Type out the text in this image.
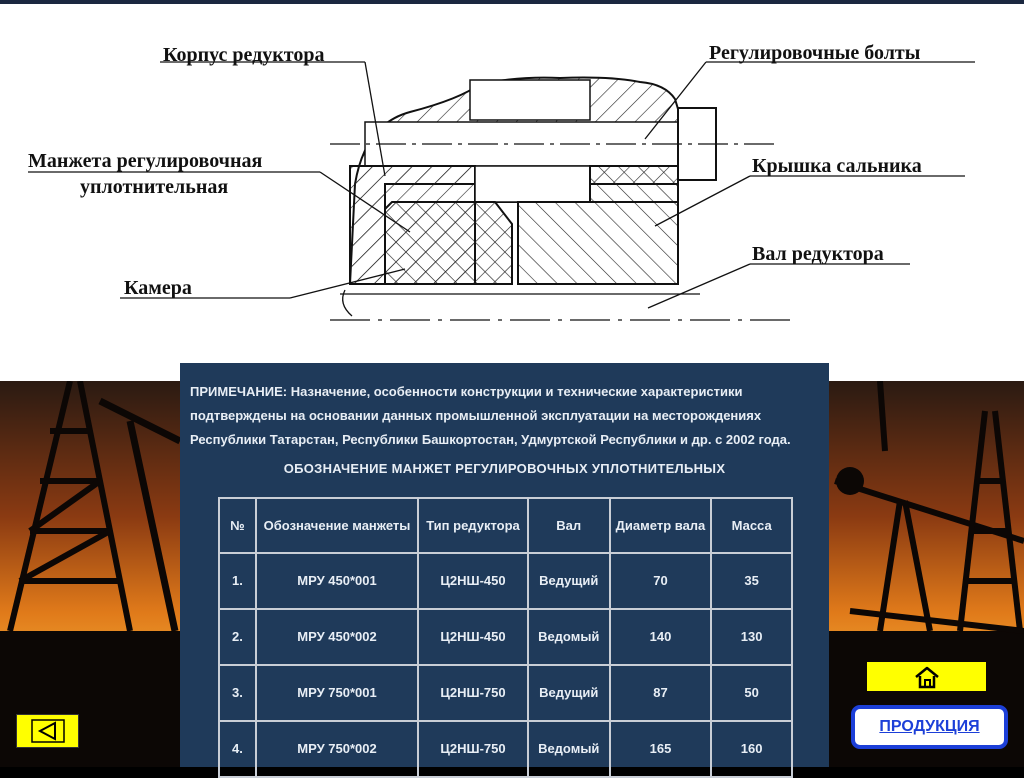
Корпус редуктора	Регулировочные болты
Манжета регулировочная
уплотнительная
Крышка сальника
Вал редуктора
Камера
ПРИМЕЧАНИЕ: Назначение, особенности конструкции и технические характеристики подтверждены на основании данных промышленной эксплуатации на месторождениях Республики Татарстан, Республики Башкортостан, Удмуртской Республики и др. с 2002 года.
ОБОЗНАЧЕНИЕ МАНЖЕТ РЕГУЛИРОВОЧНЫХ УПЛОТНИТЕЛЬНЫХ
№	Обозначение манжеты	Тип редуктора	Вал	Диаметр вала	Масса
1.	МРУ 450*001	Ц2НШ-450	Ведущий	70	35
2.	МРУ 450*002	Ц2НШ-450	Ведомый	140	130
3.	МРУ 750*001	Ц2НШ-750	Ведущий	87	50
4.	МРУ 750*002	Ц2НШ-750	Ведомый	165	160
ПРОДУКЦИЯ
